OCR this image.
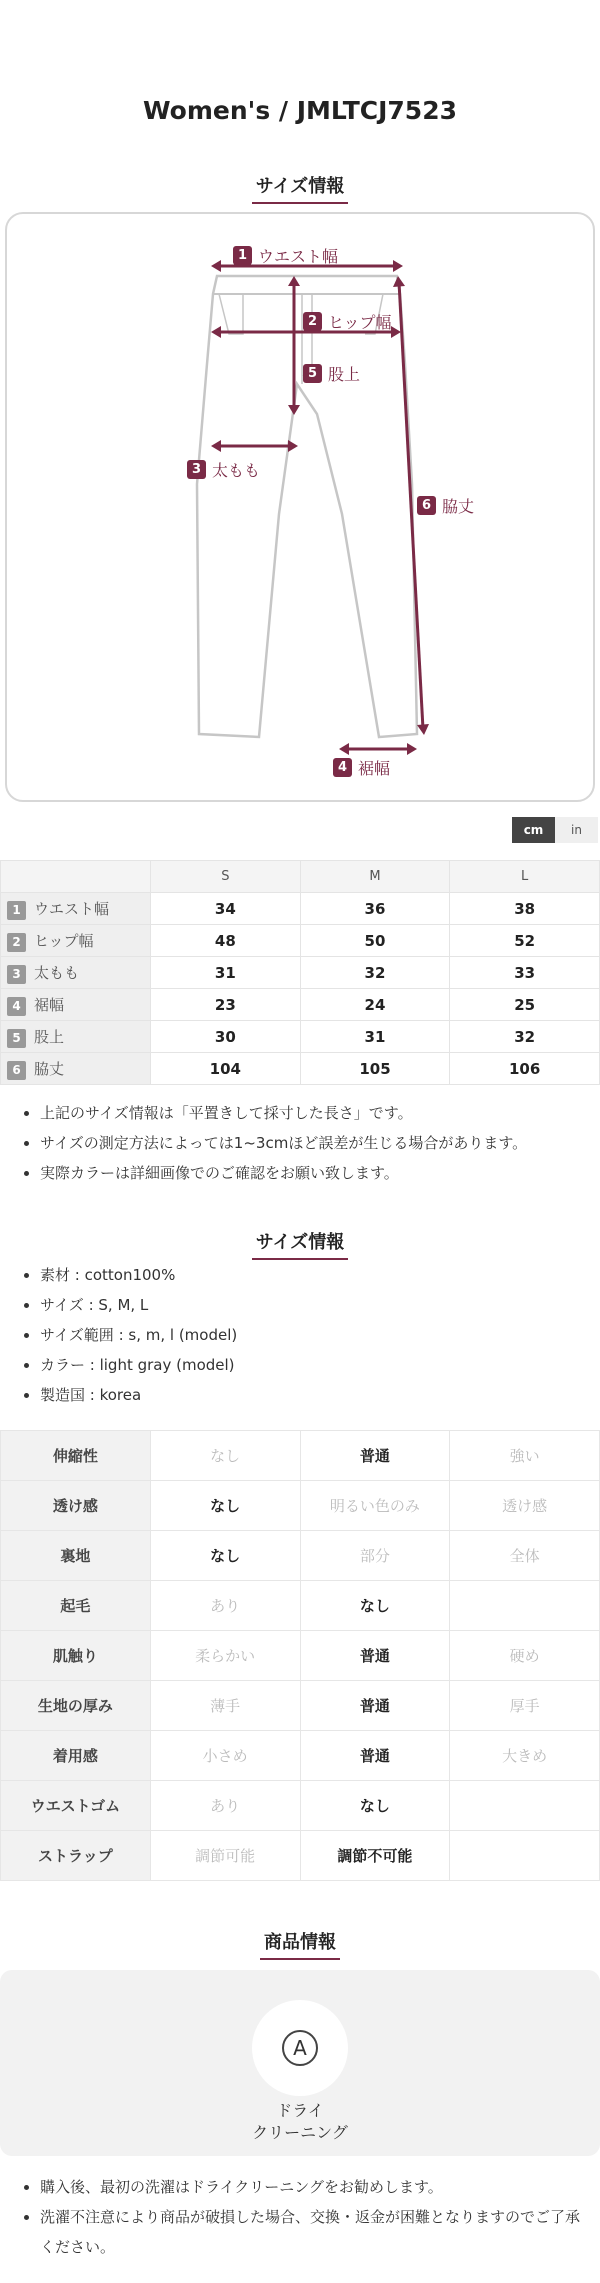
Women's / JMLTCJ7523
サイズ情報
1 ウエスト幅
2 ヒップ幅
5 股上
3 太もも
6 脇丈
4 裾幅
cm	in
	S	M	L
1 ウエスト幅	34	36	38
2 ヒップ幅	48	50	52
3 太もも	31	32	33
4 裾幅	23	24	25
5 股上	30	31	32
6 脇丈	104	105	106
• 上記のサイズ情報は「平置きして採寸した長さ」です。
• サイズの測定方法によっては1~3cmほど誤差が生じる場合があります。
• 実際カラーは詳細画像でのご確認をお願い致します。
サイズ情報
• 素材 : cotton100%
• サイズ : S, M, L
• サイズ範囲 : s, m, l (model)
• カラー : light gray (model)
• 製造国 : korea
伸縮性	なし	普通	強い
透け感	なし	明るい色のみ	透け感
裏地	なし	部分	全体
起毛	あり	なし	
肌触り	柔らかい	普通	硬め
生地の厚み	薄手	普通	厚手
着用感	小さめ	普通	大きめ
ウエストゴム	あり	なし	
ストラップ	調節可能	調節不可能	
商品情報
A
ドライ
クリーニング
• 購入後、最初の洗濯はドライクリーニングをお勧めします。
• 洗濯不注意により商品が破損した場合、交換・返金が困難となりますのでご了承ください。
